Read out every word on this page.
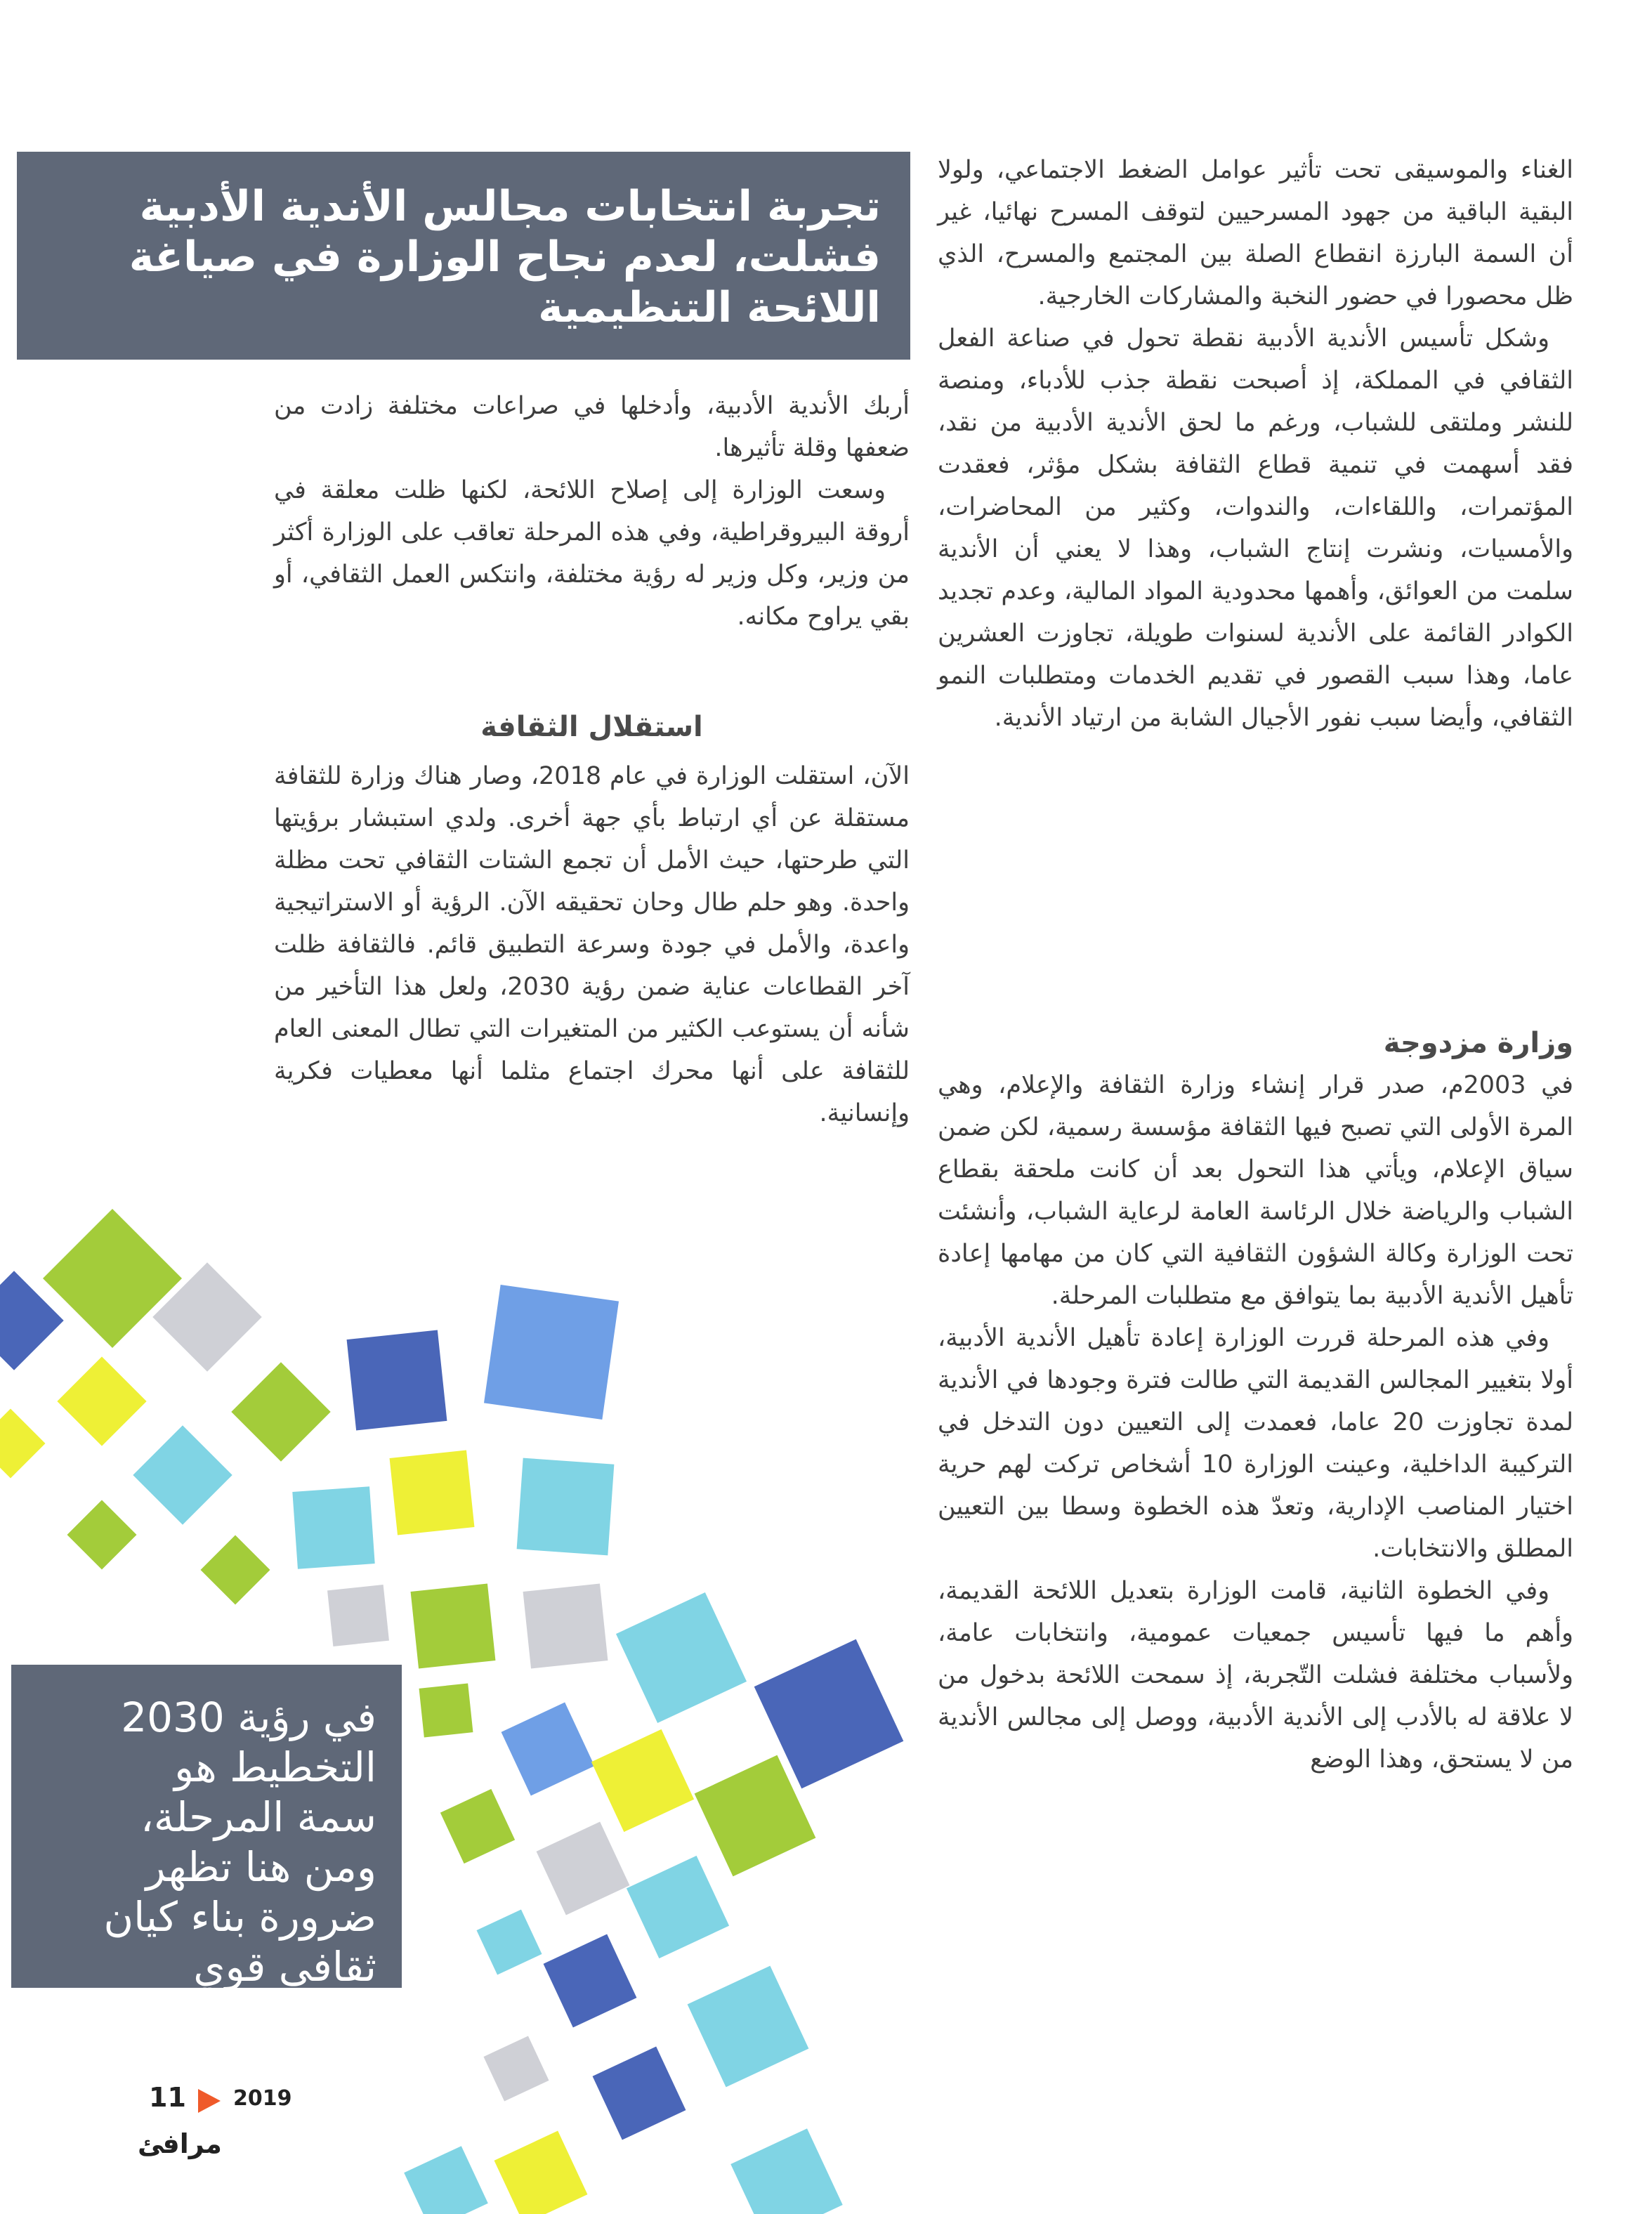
تجربة انتخابات مجالس الأندية الأدبية
فشلت، لعدم نجاح الوزارة في صياغة
اللائحة التنظيمية

الغناء والموسيقى تحت تأثير عوامل الضغط الاجتماعي، ولولا البقية الباقية من جهود المسرحيين لتوقف المسرح نهائيا، غير أن السمة البارزة انقطاع الصلة بين المجتمع والمسرح، الذي ظل محصورا في حضور النخبة والمشاركات الخارجية.

وشكل تأسيس الأندية الأدبية نقطة تحول في صناعة الفعل الثقافي في المملكة، إذ أصبحت نقطة جذب للأدباء، ومنصة للنشر وملتقى للشباب، ورغم ما لحق الأندية الأدبية من نقد، فقد أسهمت في تنمية قطاع الثقافة بشكل مؤثر، فعقدت المؤتمرات، واللقاءات، والندوات، وكثير من المحاضرات، والأمسيات، ونشرت إنتاج الشباب، وهذا لا يعني أن الأندية سلمت من العوائق، وأهمها محدودية المواد المالية، وعدم تجديد الكوادر القائمة على الأندية لسنوات طويلة، تجاوزت العشرين عاما، وهذا سبب القصور في تقديم الخدمات ومتطلبات النمو الثقافي، وأيضا سبب نفور الأجيال الشابة من ارتياد الأندية.

وزارة مزدوجة

في 2003م، صدر قرار إنشاء وزارة الثقافة والإعلام، وهي المرة الأولى التي تصبح فيها الثقافة مؤسسة رسمية، لكن ضمن سياق الإعلام، ويأتي هذا التحول بعد أن كانت ملحقة بقطاع الشباب والرياضة خلال الرئاسة العامة لرعاية الشباب، وأنشئت تحت الوزارة وكالة الشؤون الثقافية التي كان من مهامها إعادة تأهيل الأندية الأدبية بما يتوافق مع متطلبات المرحلة.

وفي هذه المرحلة قررت الوزارة إعادة تأهيل الأندية الأدبية، أولا بتغيير المجالس القديمة التي طالت فترة وجودها في الأندية لمدة تجاوزت 20 عاما، فعمدت إلى التعيين دون التدخل في التركيبة الداخلية، وعينت الوزارة 10 أشخاص تركت لهم حرية اختيار المناصب الإدارية، وتعدّ هذه الخطوة وسطا بين التعيين المطلق والانتخابات.

وفي الخطوة الثانية، قامت الوزارة بتعديل اللائحة القديمة، وأهم ما فيها تأسيس جمعيات عمومية، وانتخابات عامة، ولأسباب مختلفة فشلت التّجربة، إذ سمحت اللائحة بدخول من لا علاقة له بالأدب إلى الأندية الأدبية، ووصل إلى مجالس الأندية من لا يستحق، وهذا الوضع

أربك الأندية الأدبية، وأدخلها في صراعات مختلفة زادت من ضعفها وقلة تأثيرها.

وسعت الوزارة إلى إصلاح اللائحة، لكنها ظلت معلقة في أروقة البيروقراطية، وفي هذه المرحلة تعاقب على الوزارة أكثر من وزير، وكل وزير له رؤية مختلفة، وانتكس العمل الثقافي، أو بقي يراوح مكانه.

استقلال الثقافة

الآن، استقلت الوزارة في عام 2018، وصار هناك وزارة للثقافة مستقلة عن أي ارتباط بأي جهة أخرى. ولدي استبشار برؤيتها التي طرحتها، حيث الأمل أن تجمع الشتات الثقافي تحت مظلة واحدة. وهو حلم طال وحان تحقيقه الآن. الرؤية أو الاستراتيجية واعدة، والأمل في جودة وسرعة التطبيق قائم. فالثقافة ظلت آخر القطاعات عناية ضمن رؤية 2030، ولعل هذا التأخير من شأنه أن يستوعب الكثير من المتغيرات التي تطال المعنى العام للثقافة على أنها محرك اجتماع مثلما أنها معطيات فكرية وإنسانية.

في رؤية 2030
التخطيط هو
سمة المرحلة،
ومن هنا تظهر
ضرورة بناء كيان
ثقافي قوي
11 2019
مرافئ
